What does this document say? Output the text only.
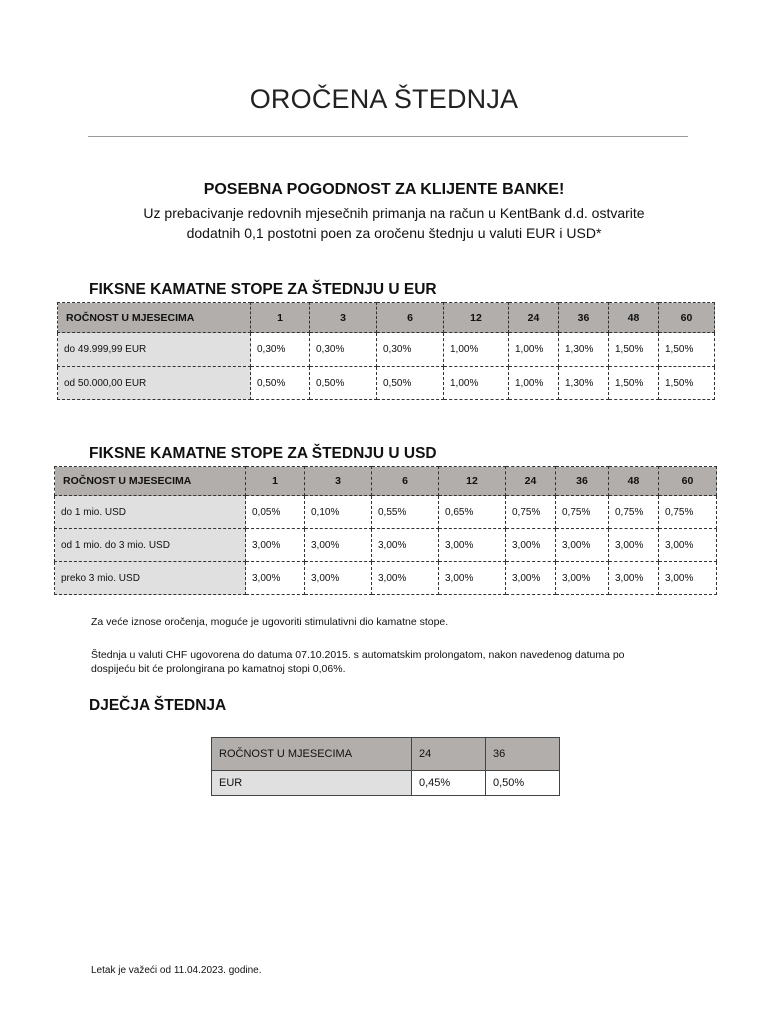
OROČENA ŠTEDNJA
POSEBNA POGODNOST ZA KLIJENTE BANKE!
Uz prebacivanje redovnih mjesečnih primanja na račun u KentBank d.d. ostvarite
dodatnih 0,1 postotni poen za oročenu štednju u valuti EUR i USD*
FIKSNE KAMATNE STOPE ZA ŠTEDNJU U EUR
ROČNOST U MJESECIMA	1	3	6	12	24	36	48	60
do 49.999,99 EUR	0,30%	0,30%	0,30%	1,00%	1,00%	1,30%	1,50%	1,50%
od 50.000,00 EUR	0,50%	0,50%	0,50%	1,00%	1,00%	1,30%	1,50%	1,50%
FIKSNE KAMATNE STOPE ZA ŠTEDNJU U USD
ROČNOST U MJESECIMA	1	3	6	12	24	36	48	60
do 1 mio. USD	0,05%	0,10%	0,55%	0,65%	0,75%	0,75%	0,75%	0,75%
od 1 mio. do 3 mio. USD	3,00%	3,00%	3,00%	3,00%	3,00%	3,00%	3,00%	3,00%
preko 3 mio. USD	3,00%	3,00%	3,00%	3,00%	3,00%	3,00%	3,00%	3,00%
Za veće iznose oročenja, moguće je ugovoriti stimulativni dio kamatne stope.
Štednja u valuti CHF ugovorena do datuma 07.10.2015. s automatskim prolongatom, nakon navedenog datuma po
dospijeću bit će prolongirana po kamatnoj stopi 0,06%.
DJEČJA ŠTEDNJA
ROČNOST U MJESECIMA	24	36
EUR	0,45%	0,50%
Letak je važeći od 11.04.2023. godine.
